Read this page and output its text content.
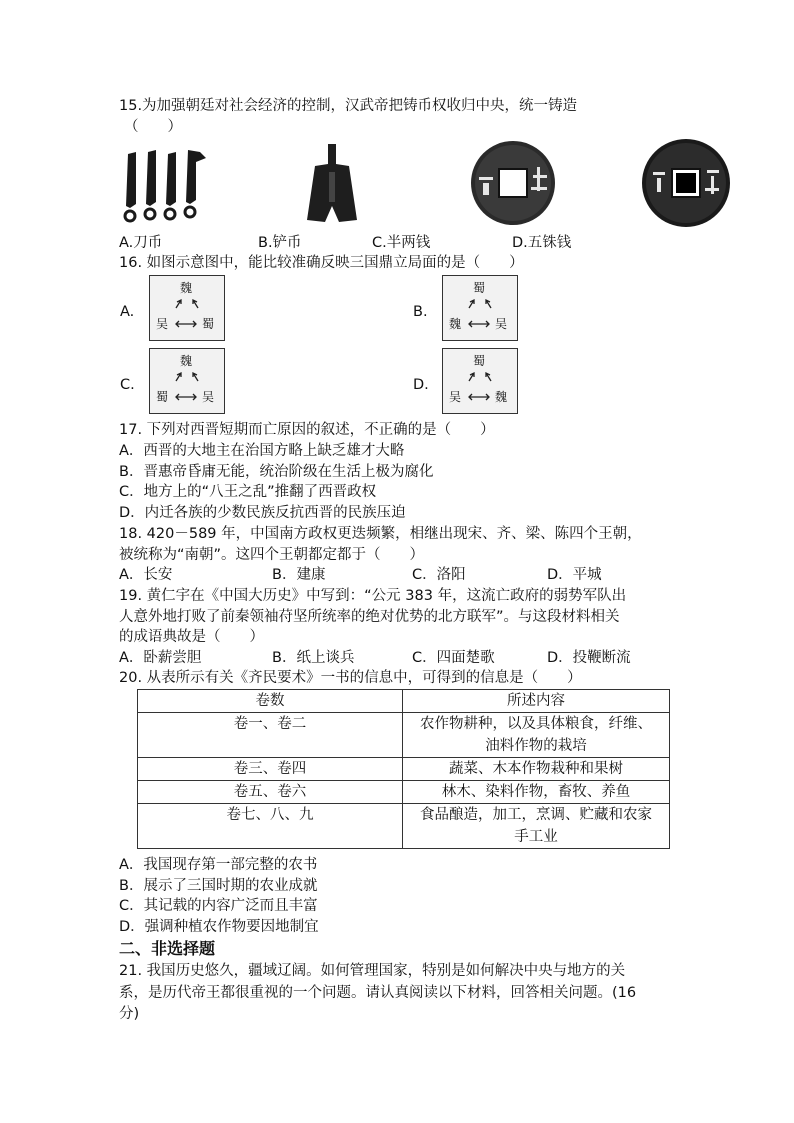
15.为加强朝廷对社会经济的控制，汉武帝把铸币权收归中央，统一铸造
（　　）
A.刀币	B.铲币	C.半两钱	D.五铢钱
16. 如图示意图中，能比较准确反映三国鼎立局面的是（　　）
A.
魏
吴	蜀
B.
蜀
魏	吴
C.
魏
蜀	吴
D.
蜀
吴	魏
17. 下列对西晋短期而亡原因的叙述，不正确的是（　　）
A．西晋的大地主在治国方略上缺乏雄才大略
B．晋惠帝昏庸无能，统治阶级在生活上极为腐化
C．地方上的“八王之乱”推翻了西晋政权
D．内迁各族的少数民族反抗西晋的民族压迫
18. 420－589 年，中国南方政权更迭频繁，相继出现宋、齐、梁、陈四个王朝，
被统称为“南朝”。这四个王朝都定都于（　　）
A．长安	B．建康	C．洛阳	D．平城
19. 黄仁宇在《中国大历史》中写到：“公元 383 年，这流亡政府的弱势军队出
人意外地打败了前秦领袖苻坚所统率的绝对优势的北方联军”。与这段材料相关
的成语典故是（　　）
A．卧薪尝胆	B．纸上谈兵	C．四面楚歌	D．投鞭断流
20. 从表所示有关《齐民要术》一书的信息中，可得到的信息是（　　）
卷数	所述内容
卷一、卷二	农作物耕种，以及具体粮食，纤维、油料作物的栽培
卷三、卷四	蔬菜、木本作物栽种和果树
卷五、卷六	林木、染料作物，畜牧、养鱼
卷七、八、九	食品酿造，加工，烹调、贮藏和农家手工业
A．我国现存第一部完整的农书
B．展示了三国时期的农业成就
C．其记载的内容广泛而且丰富
D．强调种植农作物要因地制宜
二、非选择题
21. 我国历史悠久，疆域辽阔。如何管理国家，特别是如何解决中央与地方的关
系，是历代帝王都很重视的一个问题。请认真阅读以下材料，回答相关问题。(16
分)
